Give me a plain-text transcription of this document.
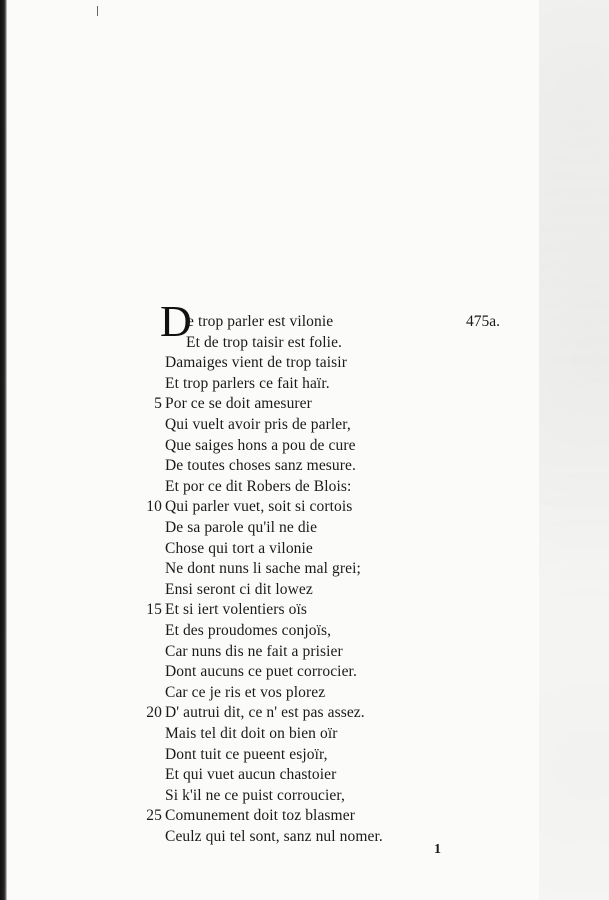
D
e trop parler est vilonie	475a.
Et de trop taisir est folie.
Damaiges vient de trop taisir
Et trop parlers ce fait haïr.
5 Por ce se doit amesurer
Qui vuelt avoir pris de parler,
Que saiges hons a pou de cure
De toutes choses sanz mesure.
Et por ce dit Robers de Blois:
10 Qui parler vuet, soit si cortois
De sa parole qu'il ne die
Chose qui tort a vilonie
Ne dont nuns li sache mal grei;
Ensi seront ci dit lowez
15 Et si iert volentiers oïs
Et des proudomes conjoïs,
Car nuns dis ne fait a prisier
Dont aucuns ce puet corrocier.
Car ce je ris et vos plorez
20 D' autrui dit, ce n' est pas assez.
Mais tel dit doit on bien oïr
Dont tuit ce pueent esjoïr,
Et qui vuet aucun chastoier
Si k'il ne ce puist corroucier,
25 Comunement doit toz blasmer
Ceulz qui tel sont, sanz nul nomer.
1
